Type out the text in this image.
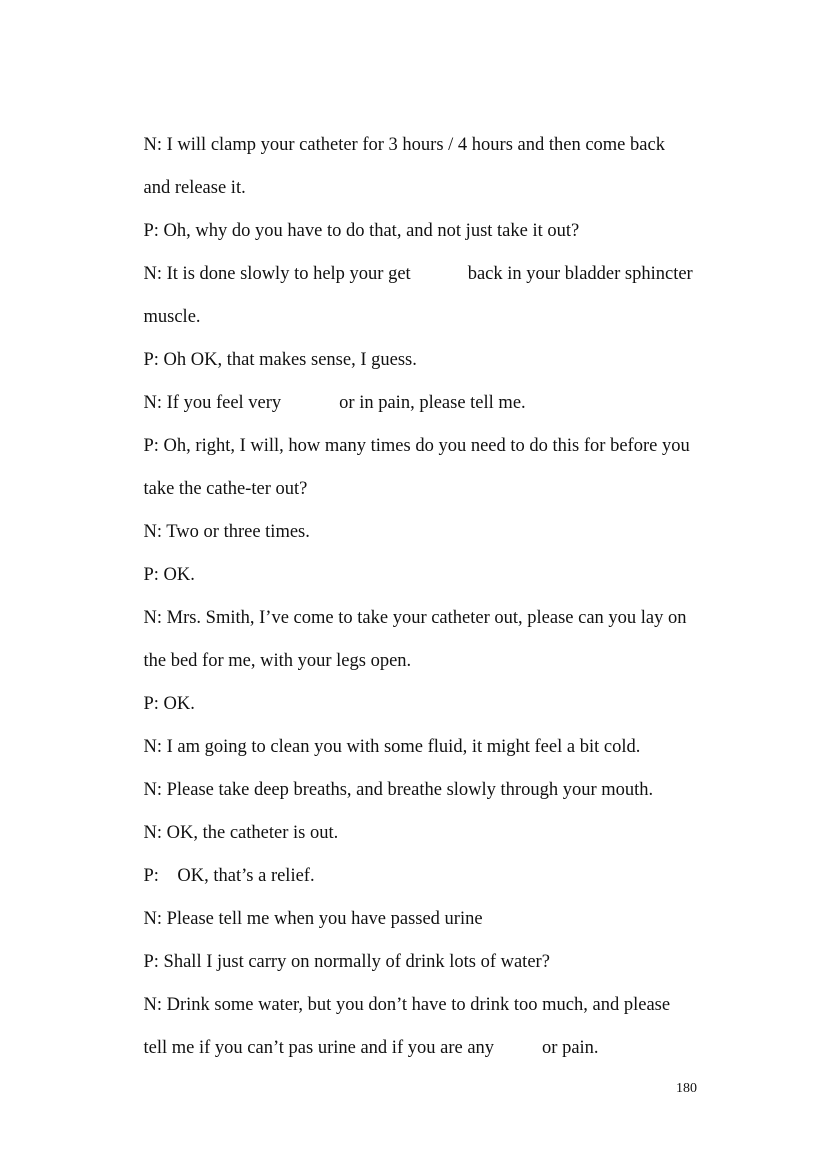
N: I will clamp your catheter for 3 hours / 4 hours and then come back

and release it.

P: Oh, why do you have to do that, and not just take it out?

N: It is done slowly to help your get	back in your bladder sphincter

muscle.

P: Oh OK, that makes sense, I guess.

N: If you feel very	or in pain, please tell me.

P: Oh, right, I will, how many times do you need to do this for before you

take the cathe-ter out?

N: Two or three times.

P: OK.

N: Mrs. Smith, I’ve come to take your catheter out, please can you lay on

the bed for me, with your legs open.

P: OK.

N: I am going to clean you with some fluid, it might feel a bit cold.

N: Please take deep breaths, and breathe slowly through your mouth.

N: OK, the catheter is out.

P:    OK, that’s a relief.

N: Please tell me when you have passed urine

P: Shall I just carry on normally of drink lots of water?

N: Drink some water, but you don’t have to drink too much, and please

tell me if you can’t pas urine and if you are any	or pain.

180
